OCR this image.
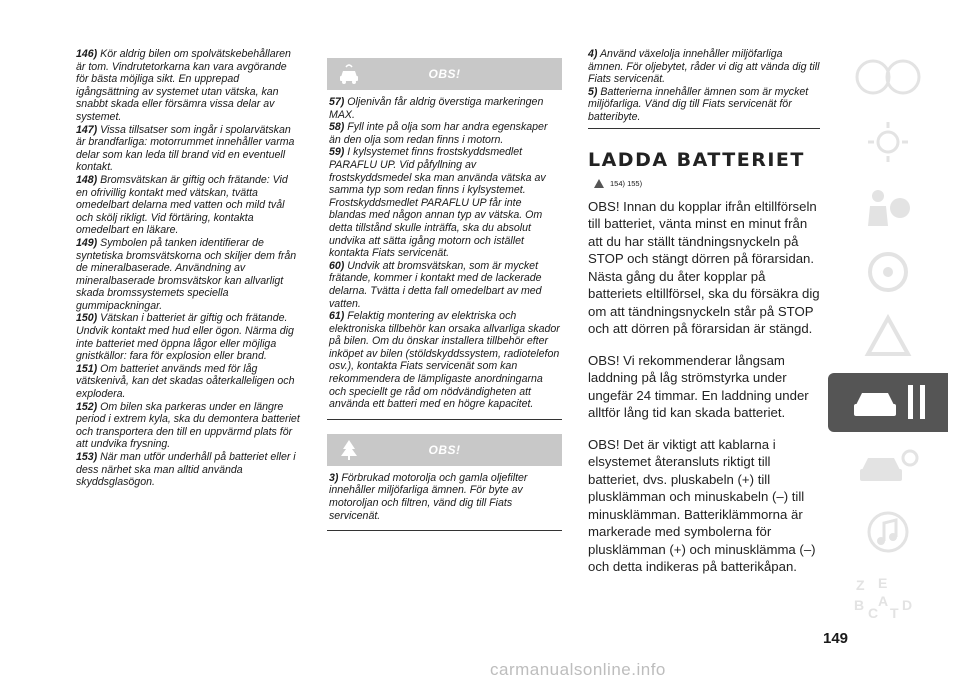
146) Kör aldrig bilen om spolvätskebehållaren är tom. Vindrutetorkarna kan vara avgörande för bästa möjliga sikt. En upprepad igångsättning av systemet utan vätska, kan snabbt skada eller försämra vissa delar av systemet.

147) Vissa tillsatser som ingår i spolarvätskan är brandfarliga: motorrummet innehåller varma delar som kan leda till brand vid en eventuell kontakt.

148) Bromsvätskan är giftig och frätande: Vid en ofrivillig kontakt med vätskan, tvätta omedelbart delarna med vatten och mild tvål och skölj rikligt. Vid förtäring, kontakta omedelbart en läkare.

149) Symbolen på tanken identifierar de syntetiska bromsvätskorna och skiljer dem från de mineralbaserade. Användning av mineralbaserade bromsvätskor kan allvarligt skada bromssystemets speciella gummipackningar.

150) Vätskan i batteriet är giftig och frätande. Undvik kontakt med hud eller ögon. Närma dig inte batteriet med öppna lågor eller möjliga gnistkällor: fara för explosion eller brand.

151) Om batteriet används med för låg vätskenivå, kan det skadas oåterkalleligen och explodera.

152) Om bilen ska parkeras under en längre period i extrem kyla, ska du demontera batteriet och transportera den till en uppvärmd plats för att undvika frysning.

153) När man utför underhåll på batteriet eller i dess närhet ska man alltid använda skyddsglasögon.

OBS!

57) Oljenivån får aldrig överstiga markeringen MAX.

58) Fyll inte på olja som har andra egenskaper än den olja som redan finns i motorn.

59) I kylsystemet finns frostskyddsmedlet PARAFLU UP. Vid påfyllning av frostskyddsmedel ska man använda vätska av samma typ som redan finns i kylsystemet. Frostskyddsmedlet PARAFLU UP får inte blandas med någon annan typ av vätska. Om detta tillstånd skulle inträffa, ska du absolut undvika att sätta igång motorn och istället kontakta Fiats servicenät.

60) Undvik att bromsvätskan, som är mycket frätande, kommer i kontakt med de lackerade delarna. Tvätta i detta fall omedelbart av med vatten.

61) Felaktig montering av elektriska och elektroniska tillbehör kan orsaka allvarliga skador på bilen. Om du önskar installera tillbehör efter inköpet av bilen (stöldskyddssystem, radiotelefon osv.), kontakta Fiats servicenät som kan rekommendera de lämpligaste anordningarna och speciellt ge råd om nödvändigheten att använda ett batteri med en högre kapacitet.

OBS!

3) Förbrukad motorolja och gamla oljefilter innehåller miljöfarliga ämnen. För byte av motoroljan och filtren, vänd dig till Fiats servicenät.

4) Använd växelolja innehåller miljöfarliga ämnen. För oljebytet, råder vi dig att vända dig till Fiats servicenät.

5) Batterierna innehåller ämnen som är mycket miljöfarliga. Vänd dig till Fiats servicenät för batteribyte.

LADDA BATTERIET
154) 155)

OBS! Innan du kopplar ifrån eltillförseln till batteriet, vänta minst en minut från att du har ställt tändningsnyckeln på STOP och stängt dörren på förarsidan. Nästa gång du åter kopplar på batteriets eltillförsel, ska du försäkra dig om att tändningsnyckeln står på STOP och att dörren på förarsidan är stängd.

OBS! Vi rekommenderar långsam laddning på låg strömstyrka under ungefär 24 timmar. En laddning under alltför lång tid kan skada batteriet.

OBS! Det är viktigt att kablarna i elsystemet återansluts riktigt till batteriet, dvs. pluskabeln (+) till plusklämman och minuskabeln (–) till minusklämman. Batteriklämmorna är markerade med symbolerna för plusklämman (+) och minusklämma (–) och detta indikeras på batterikåpan.

Z E
B A D
C T
149
carmanualsonline.info
